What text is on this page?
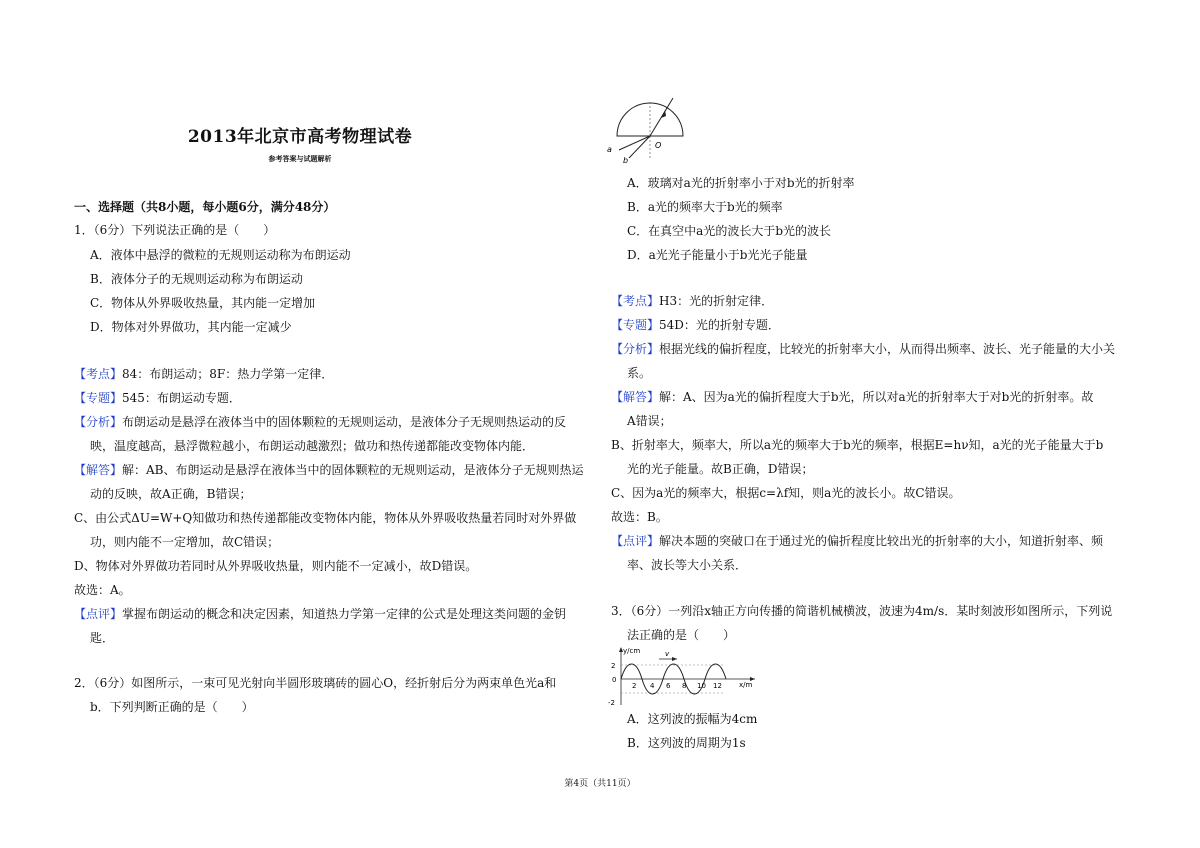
2013年北京市高考物理试卷
参考答案与试题解析
一、选择题（共8小题，每小题6分，满分48分）
1．（6分）下列说法正确的是（　　）
A．液体中悬浮的微粒的无规则运动称为布朗运动
B．液体分子的无规则运动称为布朗运动
C．物体从外界吸收热量，其内能一定增加
D．物体对外界做功，其内能一定减少
【考点】84：布朗运动；8F：热力学第一定律．
【专题】545：布朗运动专题．
【分析】布朗运动是悬浮在液体当中的固体颗粒的无规则运动，是液体分子无规则热运动的反
映，温度越高，悬浮微粒越小，布朗运动越激烈；做功和热传递都能改变物体内能．
【解答】解：AB、布朗运动是悬浮在液体当中的固体颗粒的无规则运动，是液体分子无规则热运
动的反映，故A正确，B错误；
C、由公式ΔU=W+Q知做功和热传递都能改变物体内能，物体从外界吸收热量若同时对外界做
功，则内能不一定增加，故C错误；
D、物体对外界做功若同时从外界吸收热量，则内能不一定减小，故D错误。
故选：A。
【点评】掌握布朗运动的概念和决定因素，知道热力学第一定律的公式是处理这类问题的金钥
匙．
2．（6分）如图所示，一束可见光射向半圆形玻璃砖的圆心O，经折射后分为两束单色光a和
b．下列判断正确的是（　　）
a
b
O
A．玻璃对a光的折射率小于对b光的折射率
B．a光的频率大于b光的频率
C．在真空中a光的波长大于b光的波长
D．a光光子能量小于b光光子能量
【考点】H3：光的折射定律．
【专题】54D：光的折射专题．
【分析】根据光线的偏折程度，比较光的折射率大小，从而得出频率、波长、光子能量的大小关
系。
【解答】解：A、因为a光的偏折程度大于b光，所以对a光的折射率大于对b光的折射率。故
A错误；
B、折射率大，频率大，所以a光的频率大于b光的频率，根据E=hν知，a光的光子能量大于b
光的光子能量。故B正确，D错误；
C、因为a光的频率大，根据c=λf知，则a光的波长小。故C错误。
故选：B。
【点评】解决本题的突破口在于通过光的偏折程度比较出光的折射率的大小，知道折射率、频
率、波长等大小关系．
3．（6分）一列沿x轴正方向传播的简谐机械横波，波速为4m/s．某时刻波形如图所示，下列说
法正确的是（　　）
v
y/cm
x/m
2
0
-2
2 4 6 8 10 12
A．这列波的振幅为4cm
B．这列波的周期为1s
第4页（共11页）
